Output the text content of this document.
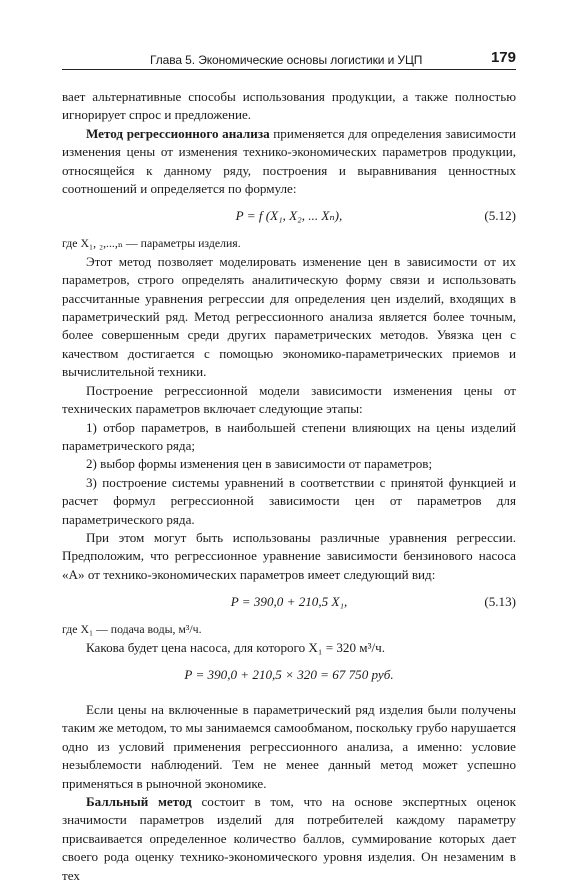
Глава 5. Экономические основы логистики и УЦП	179

вает альтернативные способы использования продукции, а также полностью игнорирует спрос и предложение.

Метод регрессионного анализа применяется для определения зависимости изменения цены от изменения технико-экономических параметров продукции, относящейся к данному ряду, построения и выравнивания ценностных соотношений и определяется по формуле:

P = f (X₁, X₂, ... Xₙ),	(5.12)

где X₁, ₂,...,ₙ — параметры изделия.

Этот метод позволяет моделировать изменение цен в зависимости от их параметров, строго определять аналитическую форму связи и использовать рассчитанные уравнения регрессии для определения цен изделий, входящих в параметрический ряд. Метод регрессионного анализа является более точным, более совершенным среди других параметрических методов. Увязка цен с качеством достигается с помощью экономико-параметрических приемов и вычислительной техники.

Построение регрессионной модели зависимости изменения цены от технических параметров включает следующие этапы:

1) отбор параметров, в наибольшей степени влияющих на цены изделий параметрического ряда;

2) выбор формы изменения цен в зависимости от параметров;

3) построение системы уравнений в соответствии с принятой функцией и расчет формул регрессионной зависимости цен от параметров для параметрического ряда.

При этом могут быть использованы различные уравнения регрессии. Предположим, что регрессионное уравнение зависимости бензинового насоса «А» от технико-экономических параметров имеет следующий вид:

P = 390,0 + 210,5 X₁,	(5.13)

где X₁ — подача воды, м³/ч.

Какова будет цена насоса, для которого X₁ = 320 м³/ч.

P = 390,0 + 210,5 × 320 = 67 750 руб.

Если цены на включенные в параметрический ряд изделия были получены таким же методом, то мы занимаемся самообманом, поскольку грубо нарушается одно из условий применения регрессионного анализа, а именно: условие незыблемости наблюдений. Тем не менее данный метод может успешно применяться в рыночной экономике.

Балльный метод состоит в том, что на основе экспертных оценок значимости параметров изделий для потребителей каждому параметру присваивается определенное количество баллов, суммирование которых дает своего рода оценку технико-экономического уровня изделия. Он незаменим в тех
